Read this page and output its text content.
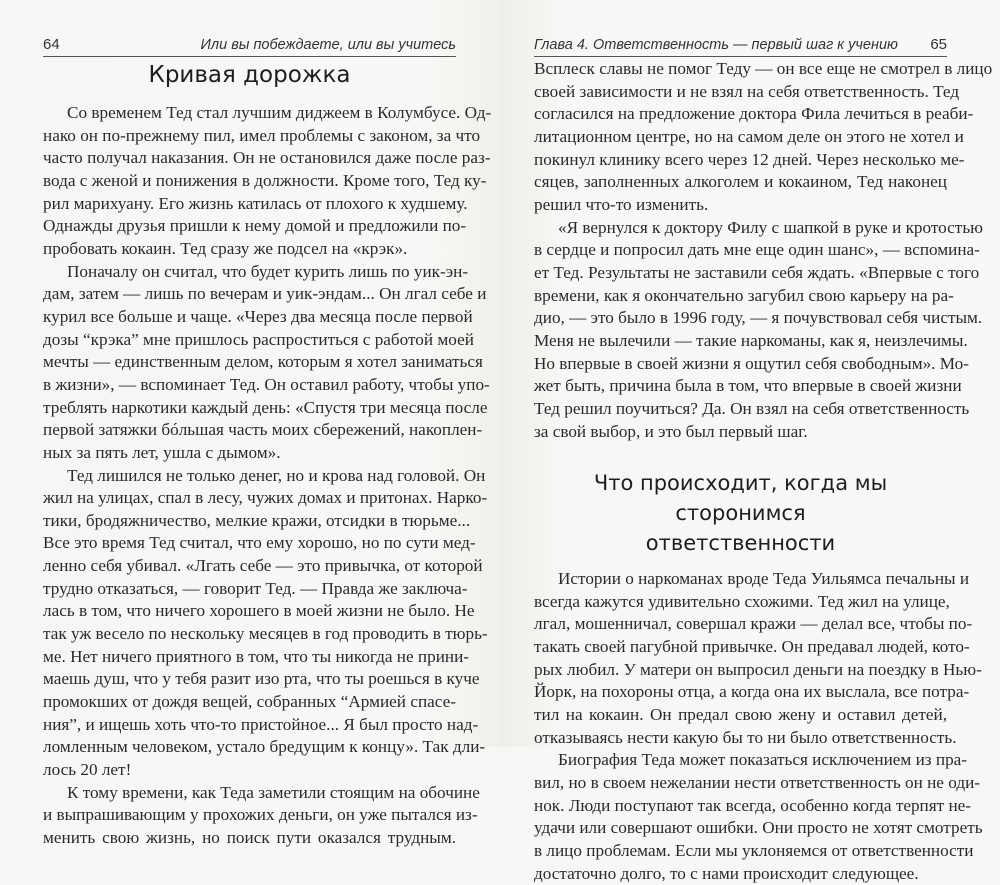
64	Или вы побеждаете, или вы учитесь
Кривая дорожка
Со временем Тед стал лучшим диджеем в Колумбусе. Од-
нако он по-прежнему пил, имел проблемы с законом, за что
часто получал наказания. Он не остановился даже после раз-
вода с женой и понижения в должности. Кроме того, Тед ку-
рил марихуану. Его жизнь катилась от плохого к худшему.
Однажды друзья пришли к нему домой и предложили по-
пробовать кокаин. Тед сразу же подсел на «крэк».
Поначалу он считал, что будет курить лишь по уик-эн-
дам, затем — лишь по вечерам и уик-эндам... Он лгал себе и
курил все больше и чаще. «Через два месяца после первой
дозы “крэка” мне пришлось распроститься с работой моей
мечты — единственным делом, которым я хотел заниматься
в жизни», — вспоминает Тед. Он оставил работу, чтобы упо-
треблять наркотики каждый день: «Спустя три месяца после
первой затяжки бóльшая часть моих сбережений, накоплен-
ных за пять лет, ушла с дымом».
Тед лишился не только денег, но и крова над головой. Он
жил на улицах, спал в лесу, чужих домах и притонах. Нарко-
тики, бродяжничество, мелкие кражи, отсидки в тюрьме...
Все это время Тед считал, что ему хорошо, но по сути мед-
ленно себя убивал. «Лгать себе — это привычка, от которой
трудно отказаться, — говорит Тед. — Правда же заключа-
лась в том, что ничего хорошего в моей жизни не было. Не
так уж весело по нескольку месяцев в год проводить в тюрь-
ме. Нет ничего приятного в том, что ты никогда не прини-
маешь душ, что у тебя разит изо рта, что ты роешься в куче
промокших от дождя вещей, собранных “Армией спасе-
ния”, и ищешь хоть что-то пристойное... Я был просто над-
ломленным человеком, устало бредущим к концу». Так дли-
лось 20 лет!
К тому времени, как Теда заметили стоящим на обочине
и выпрашивающим у прохожих деньги, он уже пытался из-
менить свою жизнь, но поиск пути оказался трудным.
Глава 4. Ответственность — первый шаг к учению 65
Всплеск славы не помог Теду — он все еще не смотрел в лицо
своей зависимости и не взял на себя ответственность. Тед
согласился на предложение доктора Фила лечиться в реаби-
литационном центре, но на самом деле он этого не хотел и
покинул клинику всего через 12 дней. Через несколько ме-
сяцев, заполненных алкоголем и кокаином, Тед наконец
решил что-то изменить.
«Я вернулся к доктору Филу с шапкой в руке и кротостью
в сердце и попросил дать мне еще один шанс», — вспомина-
ет Тед. Результаты не заставили себя ждать. «Впервые с того
времени, как я окончательно загубил свою карьеру на ра-
дио, — это было в 1996 году, — я почувствовал себя чистым.
Меня не вылечили — такие наркоманы, как я, неизлечимы.
Но впервые в своей жизни я ощутил себя свободным». Мо-
жет быть, причина была в том, что впервые в своей жизни
Тед решил поучиться? Да. Он взял на себя ответственность
за свой выбор, и это был первый шаг.
Что происходит, когда мы сторонимся
ответственности
Истории о наркоманах вроде Теда Уильямса печальны и
всегда кажутся удивительно схожими. Тед жил на улице,
лгал, мошенничал, совершал кражи — делал все, чтобы по-
такать своей пагубной привычке. Он предавал людей, кото-
рых любил. У матери он выпросил деньги на поездку в Нью-
Йорк, на похороны отца, а когда она их выслала, все потра-
тил на кокаин. Он предал свою жену и оставил детей,
отказываясь нести какую бы то ни было ответственность.
Биография Теда может показаться исключением из пра-
вил, но в своем нежелании нести ответственность он не оди-
нок. Люди поступают так всегда, особенно когда терпят не-
удачи или совершают ошибки. Они просто не хотят смотреть
в лицо проблемам. Если мы уклоняемся от ответственности
достаточно долго, то с нами происходит следующее.
